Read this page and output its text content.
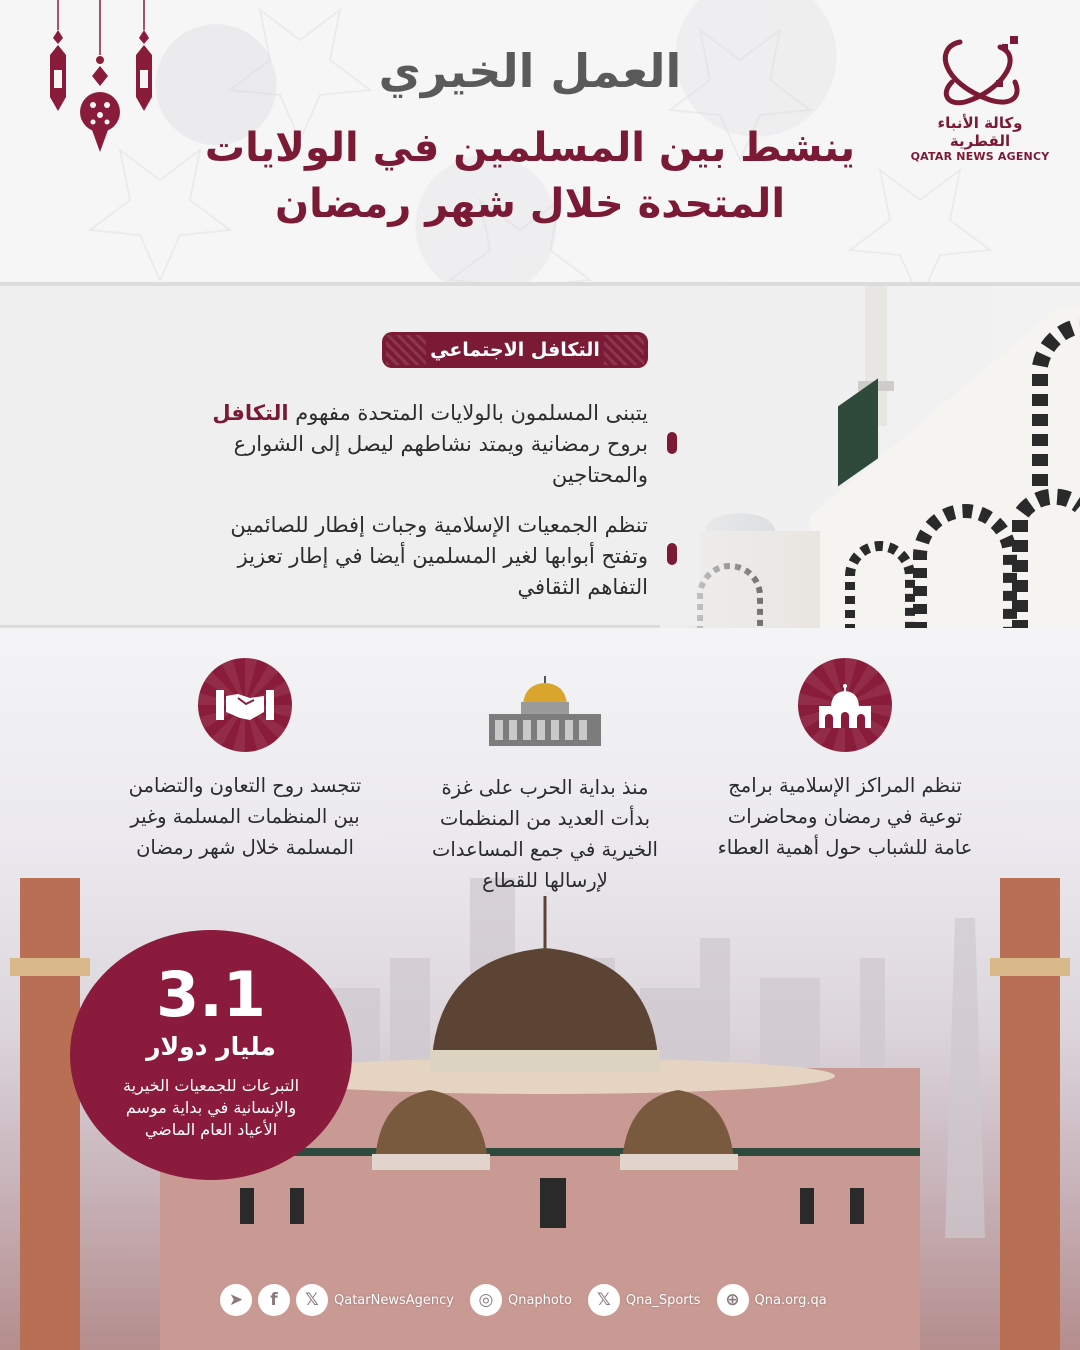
العمل الخيري
ينشط بين المسلمين في الولايات
المتحدة خلال شهر رمضان
وكالة الأنباء القطرية
QATAR NEWS AGENCY
التكافل الاجتماعي
يتبنى المسلمون بالولايات المتحدة مفهوم التكافل
بروح رمضانية ويمتد نشاطهم ليصل إلى الشوارع
والمحتاجين
تنظم الجمعيات الإسلامية وجبات إفطار للصائمين
وتفتح أبوابها لغير المسلمين أيضا في إطار تعزيز
التفاهم الثقافي
تنظم المراكز الإسلامية برامج
توعية في رمضان ومحاضرات
عامة للشباب حول أهمية العطاء
منذ بداية الحرب على غزة
بدأت العديد من المنظمات
الخيرية في جمع المساعدات
لإرسالها للقطاع
تتجسد روح التعاون والتضامن
بين المنظمات المسلمة وغير
المسلمة خلال شهر رمضان
3.1
مليار دولار
التبرعات للجمعيات الخيرية
والإنسانية في بداية موسم
الأعياد العام الماضي
➤	f	𝕏	QatarNewsAgency	◎	Qnaphoto	𝕏	Qna_Sports	⊕	Qna.org.qa
